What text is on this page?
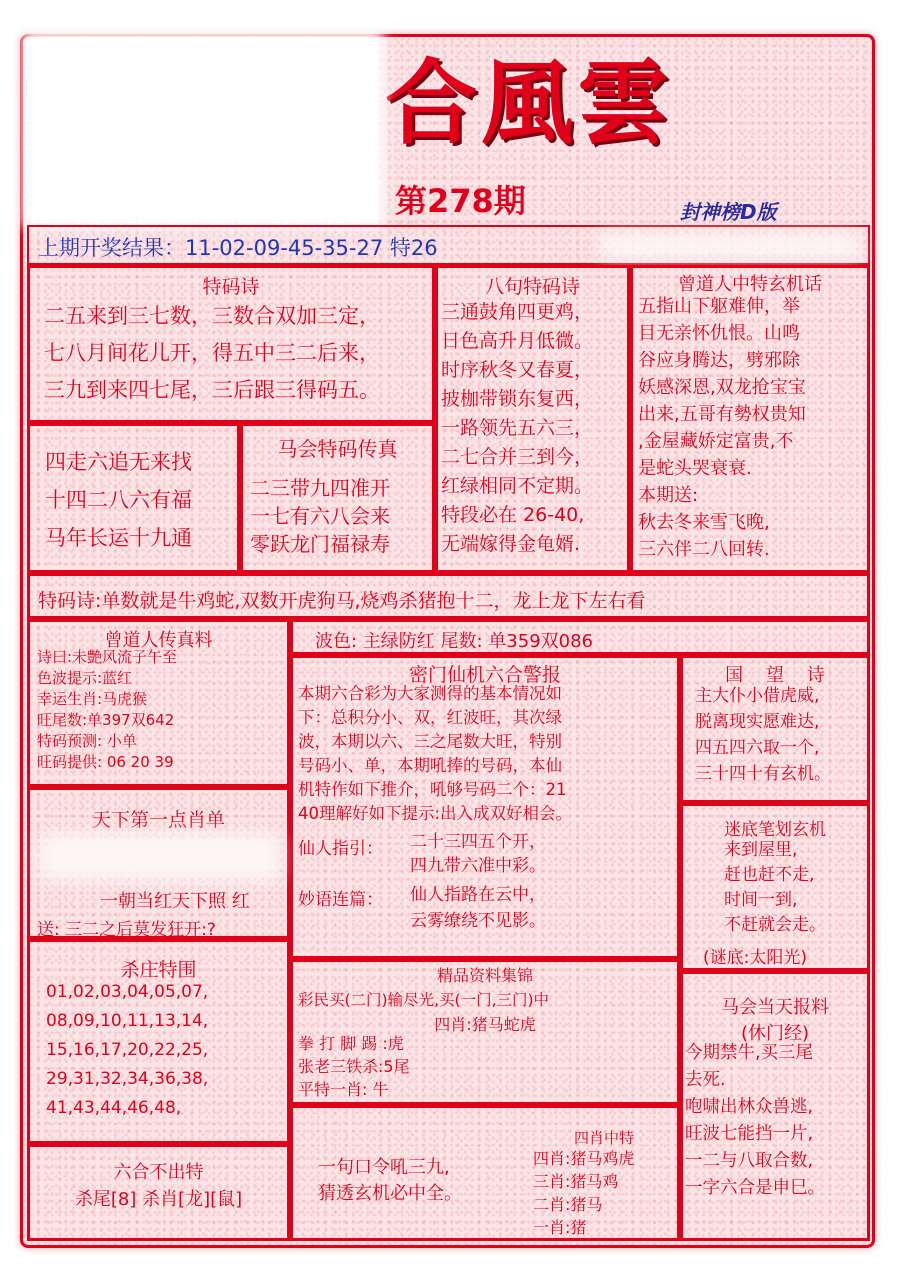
合風雲
第278期	封神榜D版
上期开奖结果：11-02-09-45-35-27 特26
特码诗
二五来到三七数，三数合双加三定，
七八月间花儿开，得五中三二后来，
三九到来四七尾，三后跟三得码五。
八句特码诗
三通鼓角四更鸡，
日色高升月低微。
时序秋冬又春夏，
披枷带锁东复西，
一路领先五六三，
二七合并三到今，
红绿相同不定期。
特段必在 26-40,
无端嫁得金龟婿.
曾道人中特玄机话
五指山下躯难伸，举
目无亲怀仇恨。山鸣
谷应身腾达，劈邪除
妖感深恩,双龙抢宝宝
出来,五哥有勢权贵知
,金屋藏娇定富贵,不
是蛇头哭衰衰.
本期送:
秋去冬来雪飞晚,
三六伴二八回转.
四走六追无来找
十四二八六有福
马年长运十九通
马会特码传真
二三带九四准开
一七有六八会来
零跃龙门福禄寿
特码诗:单数就是牛鸡蛇,双数开虎狗马,烧鸡杀猪抱十二，龙上龙下左右看
曾道人传真料
诗曰:未艶风流子午至
色波提示:蓝红
幸运生肖:马虎猴
旺尾数:单397双642
特码预测: 小单
旺码提供: 06 20 39
波色: 主绿防红 尾数: 单359双086
密门仙机六合警报
本期六合彩为大家测得的基本情况如
下：总积分小、双，红波旺，其次绿
波，本期以六、三之尾数大旺，特别
号码小、单，本期吼捧的号码，本仙
机特作如下推介，吼够号码二个：21
40理解好如下提示:出入成双好相会。
仙人指引： 二十三四五个开，
四九带六准中彩。
妙语连篇： 仙人指路在云中，
云雾缭绕不见影。
国    望    诗
主大仆小借虎威,
脱离现实愿难达,
四五四六取一个,
三十四十有玄机。
天下第一点肖单
一朝当红天下照 红
送: 三二之后莫发狂开:?
迷底笔划玄机
来到屋里,
赶也赶不走,
时间一到,
不赶就会走。
(谜底:太阳光)
杀庄特围
01,02,03,04,05,07,
08,09,10,11,13,14,
15,16,17,20,22,25,
29,31,32,34,36,38,
41,43,44,46,48,
精品资料集锦
彩民买(二门)输尽光,买(一门,三门)中
四肖:猪马蛇虎
拳 打 脚 踢 :虎
张老三铁杀:5尾
平特一肖: 牛
马会当天报料
(休门经)
今期禁牛,买三尾
去死.
咆啸出林众兽逃,
旺波七能挡一片,
一二与八取合数,
一字六合是申巳。
六合不出特
杀尾[8] 杀肖[龙][鼠]
一句口令吼三九,
猜透玄机必中全。
四肖中特
四肖:猪马鸡虎
三肖:猪马鸡
二肖:猪马
一肖:猪
